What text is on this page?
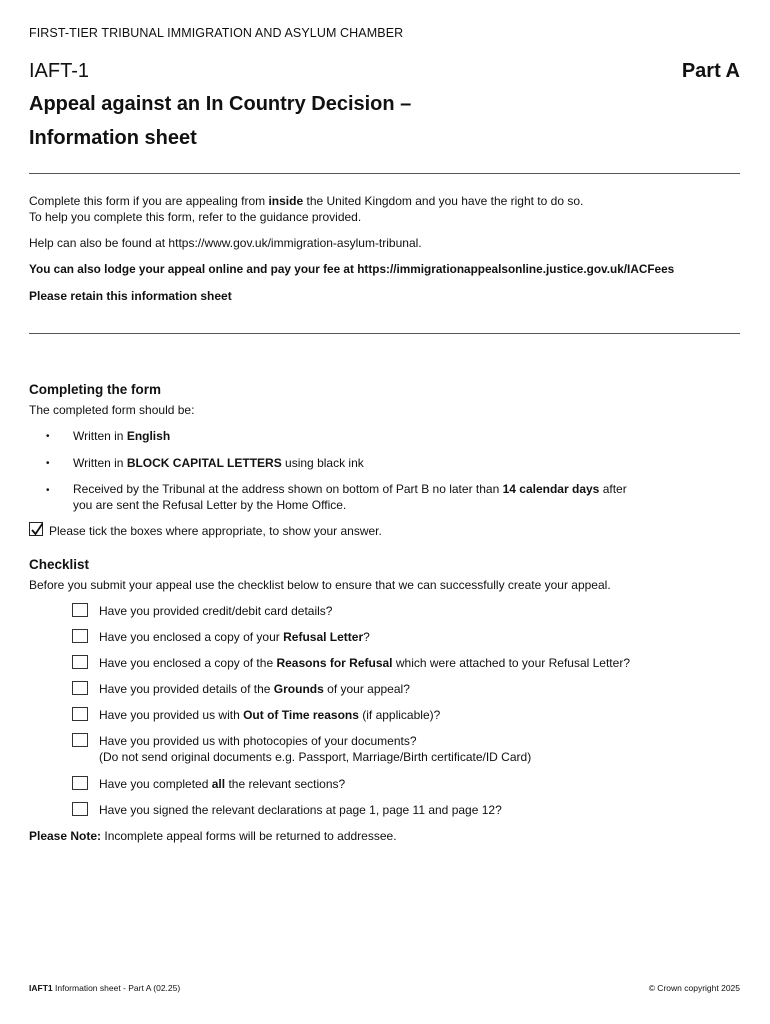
FIRST-TIER TRIBUNAL IMMIGRATION AND ASYLUM CHAMBER
IAFT-1	Part A
Appeal against an In Country Decision –
Information sheet
Complete this form if you are appealing from inside the United Kingdom and you have the right to do so.
To help you complete this form, refer to the guidance provided.
Help can also be found at https://www.gov.uk/immigration-asylum-tribunal.
You can also lodge your appeal online and pay your fee at https://immigrationappealsonline.justice.gov.uk/IACFees
Please retain this information sheet
Completing the form
The completed form should be:
• Written in English
• Written in BLOCK CAPITAL LETTERS using black ink
• Received by the Tribunal at the address shown on bottom of Part B no later than 14 calendar days after
you are sent the Refusal Letter by the Home Office.
Please tick the boxes where appropriate, to show your answer.
Checklist
Before you submit your appeal use the checklist below to ensure that we can successfully create your appeal.
Have you provided credit/debit card details?
Have you enclosed a copy of your Refusal Letter?
Have you enclosed a copy of the Reasons for Refusal which were attached to your Refusal Letter?
Have you provided details of the Grounds of your appeal?
Have you provided us with Out of Time reasons (if applicable)?
Have you provided us with photocopies of your documents?
(Do not send original documents e.g. Passport, Marriage/Birth certificate/ID Card)
Have you completed all the relevant sections?
Have you signed the relevant declarations at page 1, page 11 and page 12?
Please Note: Incomplete appeal forms will be returned to addressee.
IAFT1 Information sheet - Part A (02.25)	© Crown copyright 2025
